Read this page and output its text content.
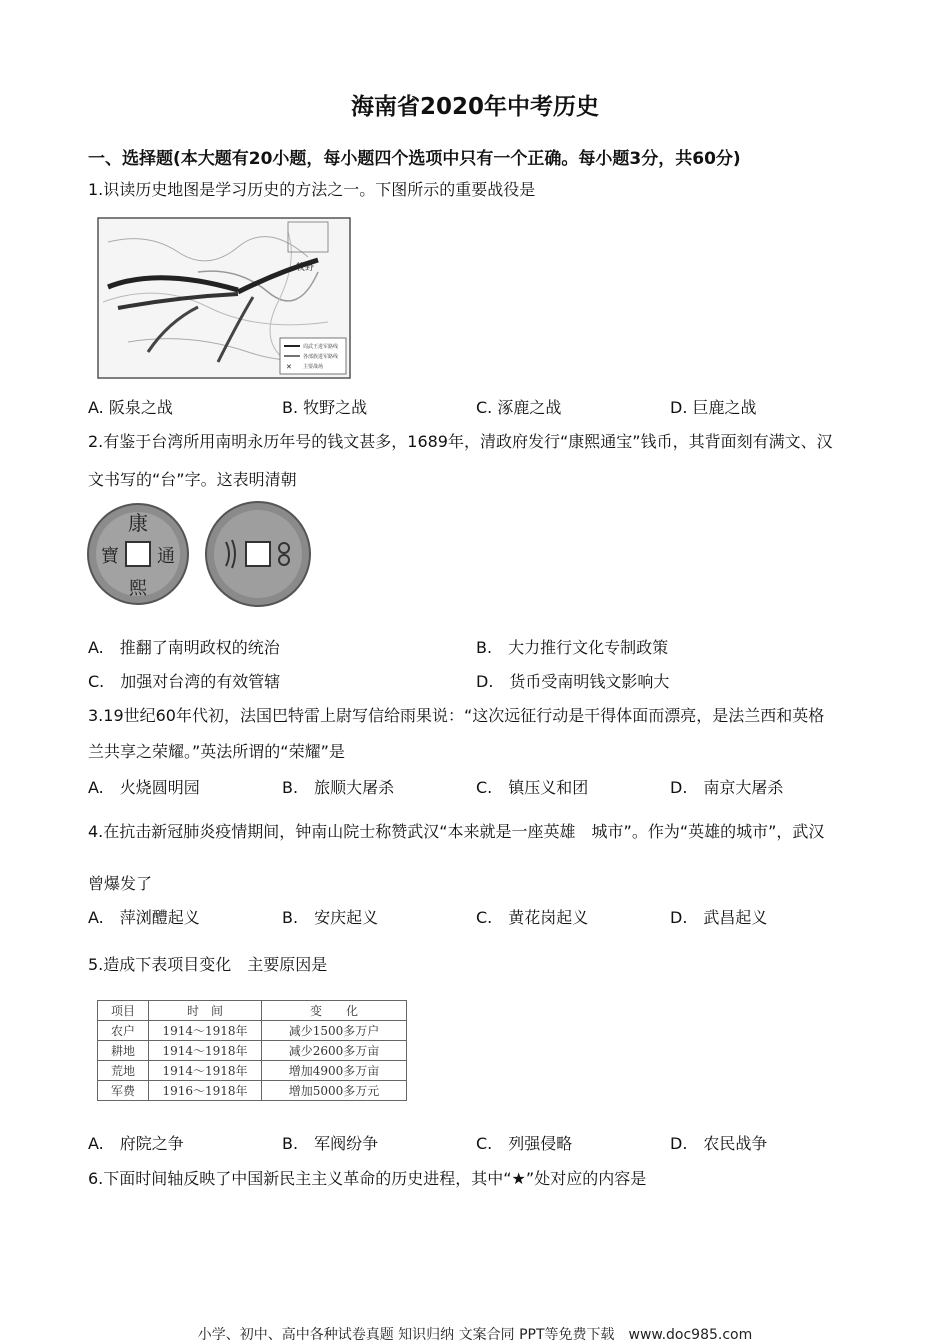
海南省2020年中考历史
一、选择题(本大题有20小题，每小题四个选项中只有一个正确。每小题3分，共60分)
1.识读历史地图是学习历史的方法之一。下图所示的重要战役是
牧野
✕
周武王进军路线
各部族进军路线
主要战场
A. 阪泉之战	B. 牧野之战	C. 涿鹿之战	D. 巨鹿之战
2.有鉴于台湾所用南明永历年号的钱文甚多，1689年，清政府发行“康熙通宝”钱币，其背面刻有满文、汉
文书写的“台”字。这表明清朝
康
通
熙
寶
A.　推翻了南明政权的统治	B.　大力推行文化专制政策
C.　加强对台湾的有效管辖	D.　货币受南明钱文影响大
3.19世纪60年代初，法国巴特雷上尉写信给雨果说：“这次远征行动是干得体面而漂亮，是法兰西和英格
兰共享之荣耀。”英法所谓的“荣耀”是
A.　火烧圆明园	B.　旅顺大屠杀	C.　镇压义和团	D.　南京大屠杀
4.在抗击新冠肺炎疫情期间，钟南山院士称赞武汉“本来就是一座英雄　城市”。作为“英雄的城市”，武汉
曾爆发了
A.　萍浏醴起义	B.　安庆起义	C.　黄花岗起义	D.　武昌起义
5.造成下表项目变化　主要原因是
项目	时　间	变　　化
农户	1914～1918年	减少1500多万户
耕地	1914～1918年	减少2600多万亩
荒地	1914～1918年	增加4900多万亩
军费	1916～1918年	增加5000多万元
A.　府院之争	B.　军阀纷争	C.　列强侵略	D.　农民战争
6.下面时间轴反映了中国新民主主义革命的历史进程，其中“★”处对应的内容是
小学、初中、高中各种试卷真题 知识归纳 文案合同 PPT等免费下载　www.doc985.com
